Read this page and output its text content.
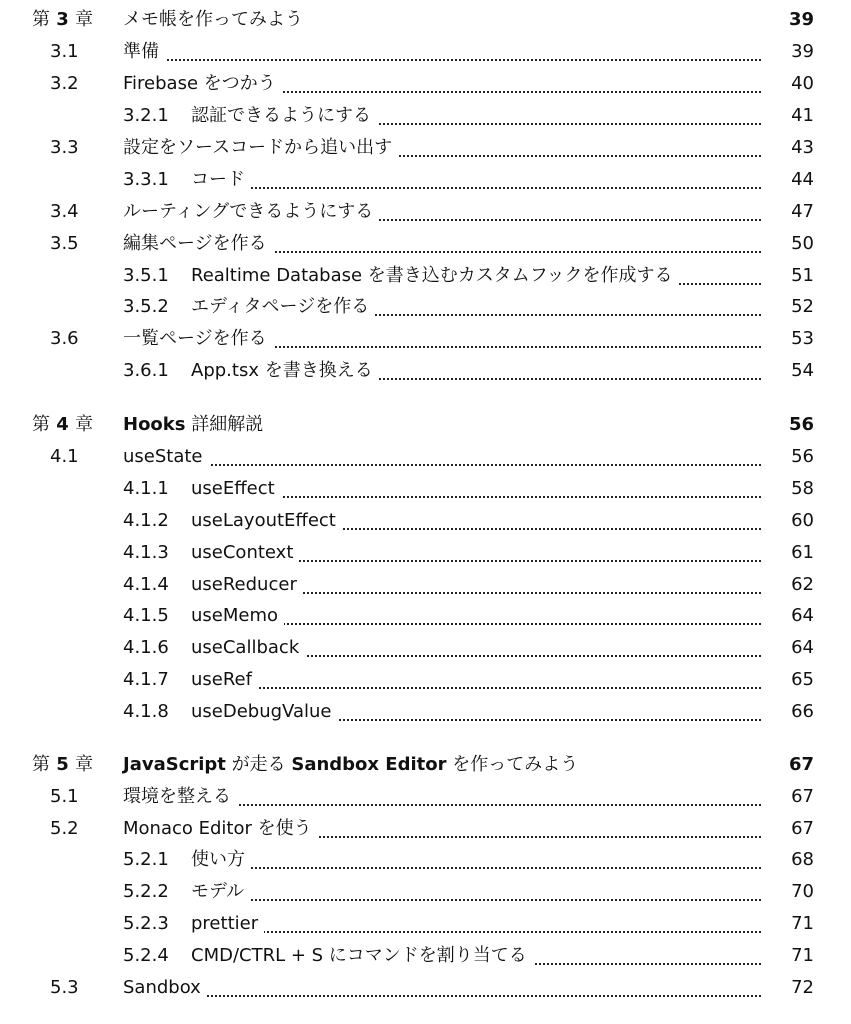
第 3 章 メモ帳を作ってみよう	39
3.1 準備	39
3.2 Firebase をつかう	40
3.2.1 認証できるようにする	41
3.3 設定をソースコードから追い出す	43
3.3.1 コード	44
3.4 ルーティングできるようにする	47
3.5 編集ページを作る	50
3.5.1 Realtime Database を書き込むカスタムフックを作成する	51
3.5.2 エディタページを作る	52
3.6 一覧ページを作る	53
3.6.1 App.tsx を書き換える	54
第 4 章 Hooks 詳細解説	56
4.1 useState	56
4.1.1 useEffect	58
4.1.2 useLayoutEffect	60
4.1.3 useContext	61
4.1.4 useReducer	62
4.1.5 useMemo	64
4.1.6 useCallback	64
4.1.7 useRef	65
4.1.8 useDebugValue	66
第 5 章 JavaScript が走る Sandbox Editor を作ってみよう	67
5.1 環境を整える	67
5.2 Monaco Editor を使う	67
5.2.1 使い方	68
5.2.2 モデル	70
5.2.3 prettier	71
5.2.4 CMD/CTRL + S にコマンドを割り当てる	71
5.3 Sandbox	72
